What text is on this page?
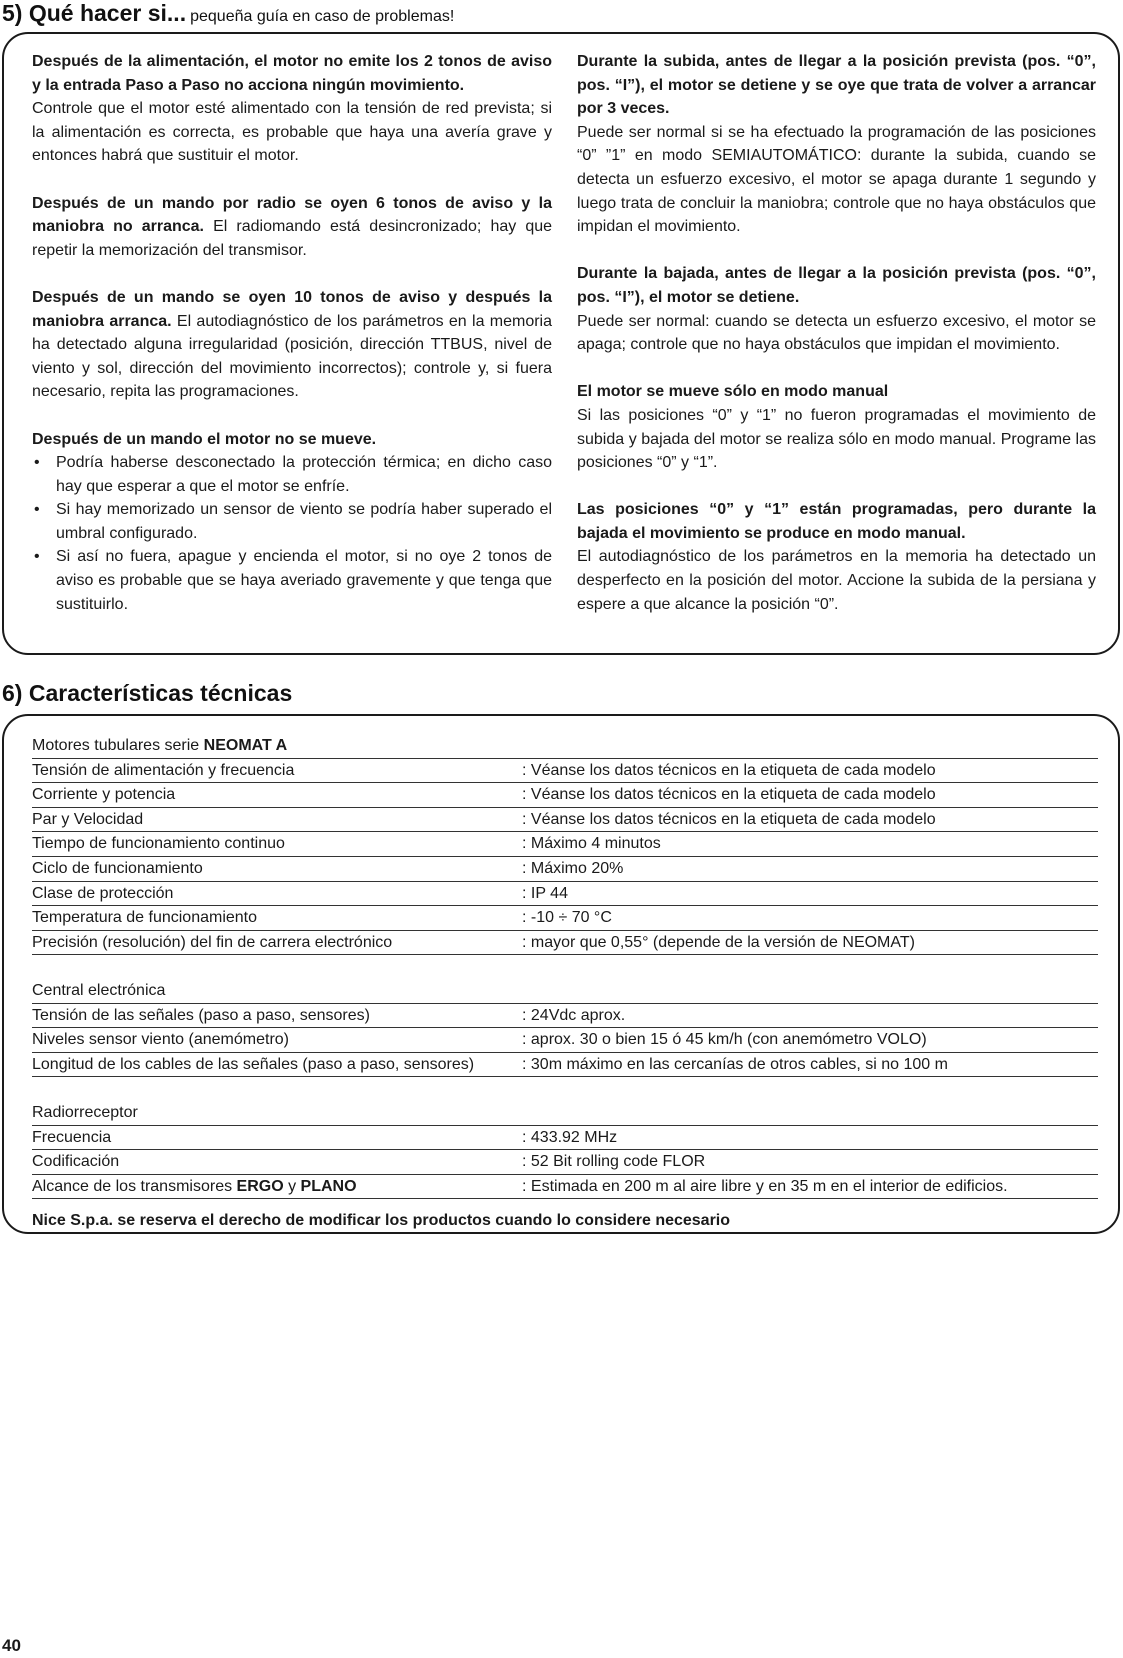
5) Qué hacer si... pequeña guía en caso de problemas!
Después de la alimentación, el motor no emite los 2 tonos de aviso y la entrada Paso a Paso no acciona ningún movimiento.
Controle que el motor esté alimentado con la tensión de red prevista; si la alimentación es correcta, es probable que haya una avería grave y entonces habrá que sustituir el motor.
Después de un mando por radio se oyen 6 tonos de aviso y la maniobra no arranca. El radiomando está desincronizado; hay que repetir la memorización del transmisor.
Después de un mando se oyen 10 tonos de aviso y después la maniobra arranca. El autodiagnóstico de los parámetros en la memoria ha detectado alguna irregularidad (posición, dirección TTBUS, nivel de viento y sol, dirección del movimiento incorrectos); controle y, si fuera necesario, repita las programaciones.
Después de un mando el motor no se mueve.
• Podría haberse desconectado la protección térmica; en dicho caso hay que esperar a que el motor se enfríe.
• Si hay memorizado un sensor de viento se podría haber superado el umbral configurado.
• Si así no fuera, apague y encienda el motor, si no oye 2 tonos de aviso es probable que se haya averiado gravemente y que tenga que sustituirlo.
Durante la subida, antes de llegar a la posición prevista (pos. “0”, pos. “I”), el motor se detiene y se oye que trata de volver a arrancar por 3 veces.
Puede ser normal si se ha efectuado la programación de las posiciones “0” ”1” en modo SEMIAUTOMÁTICO: durante la subida, cuando se detecta un esfuerzo excesivo, el motor se apaga durante 1 segundo y luego trata de concluir la maniobra; controle que no haya obstáculos que impidan el movimiento.
Durante la bajada, antes de llegar a la posición prevista (pos. “0”, pos. “I”), el motor se detiene.
Puede ser normal: cuando se detecta un esfuerzo excesivo, el motor se apaga; controle que no haya obstáculos que impidan el movimiento.
El motor se mueve sólo en modo manual
Si las posiciones “0” y “1” no fueron programadas el movimiento de subida y bajada del motor se realiza sólo en modo manual. Programe las posiciones “0” y “1”.
Las posiciones “0” y “1” están programadas, pero durante la bajada el movimiento se produce en modo manual.
El autodiagnóstico de los parámetros en la memoria ha detectado un desperfecto en la posición del motor. Accione la subida de la persiana y espere a que alcance la posición “0”.
6) Características técnicas
Motores tubulares serie NEOMAT A
Tensión de alimentación y frecuencia	: Véanse los datos técnicos en la etiqueta de cada modelo
Corriente y potencia	: Véanse los datos técnicos en la etiqueta de cada modelo
Par y Velocidad	: Véanse los datos técnicos en la etiqueta de cada modelo
Tiempo de funcionamiento continuo	: Máximo 4 minutos
Ciclo de funcionamiento	: Máximo 20%
Clase de protección	: IP 44
Temperatura de funcionamiento	: -10 ÷ 70 °C
Precisión (resolución) del fin de carrera electrónico	: mayor que 0,55° (depende de la versión de NEOMAT)
Central electrónica
Tensión de las señales (paso a paso, sensores)	: 24Vdc aprox.
Niveles sensor viento (anemómetro)	: aprox. 30 o bien 15 ó 45 km/h (con anemómetro VOLO)
Longitud de los cables de las señales (paso a paso, sensores)	: 30m máximo en las cercanías de otros cables, si no 100 m
Radiorreceptor
Frecuencia	: 433.92 MHz
Codificación	: 52 Bit rolling code FLOR
Alcance de los transmisores ERGO y PLANO	: Estimada en 200 m al aire libre y en 35 m en el interior de edificios.
Nice S.p.a. se reserva el derecho de modificar los productos cuando lo considere necesario
40
